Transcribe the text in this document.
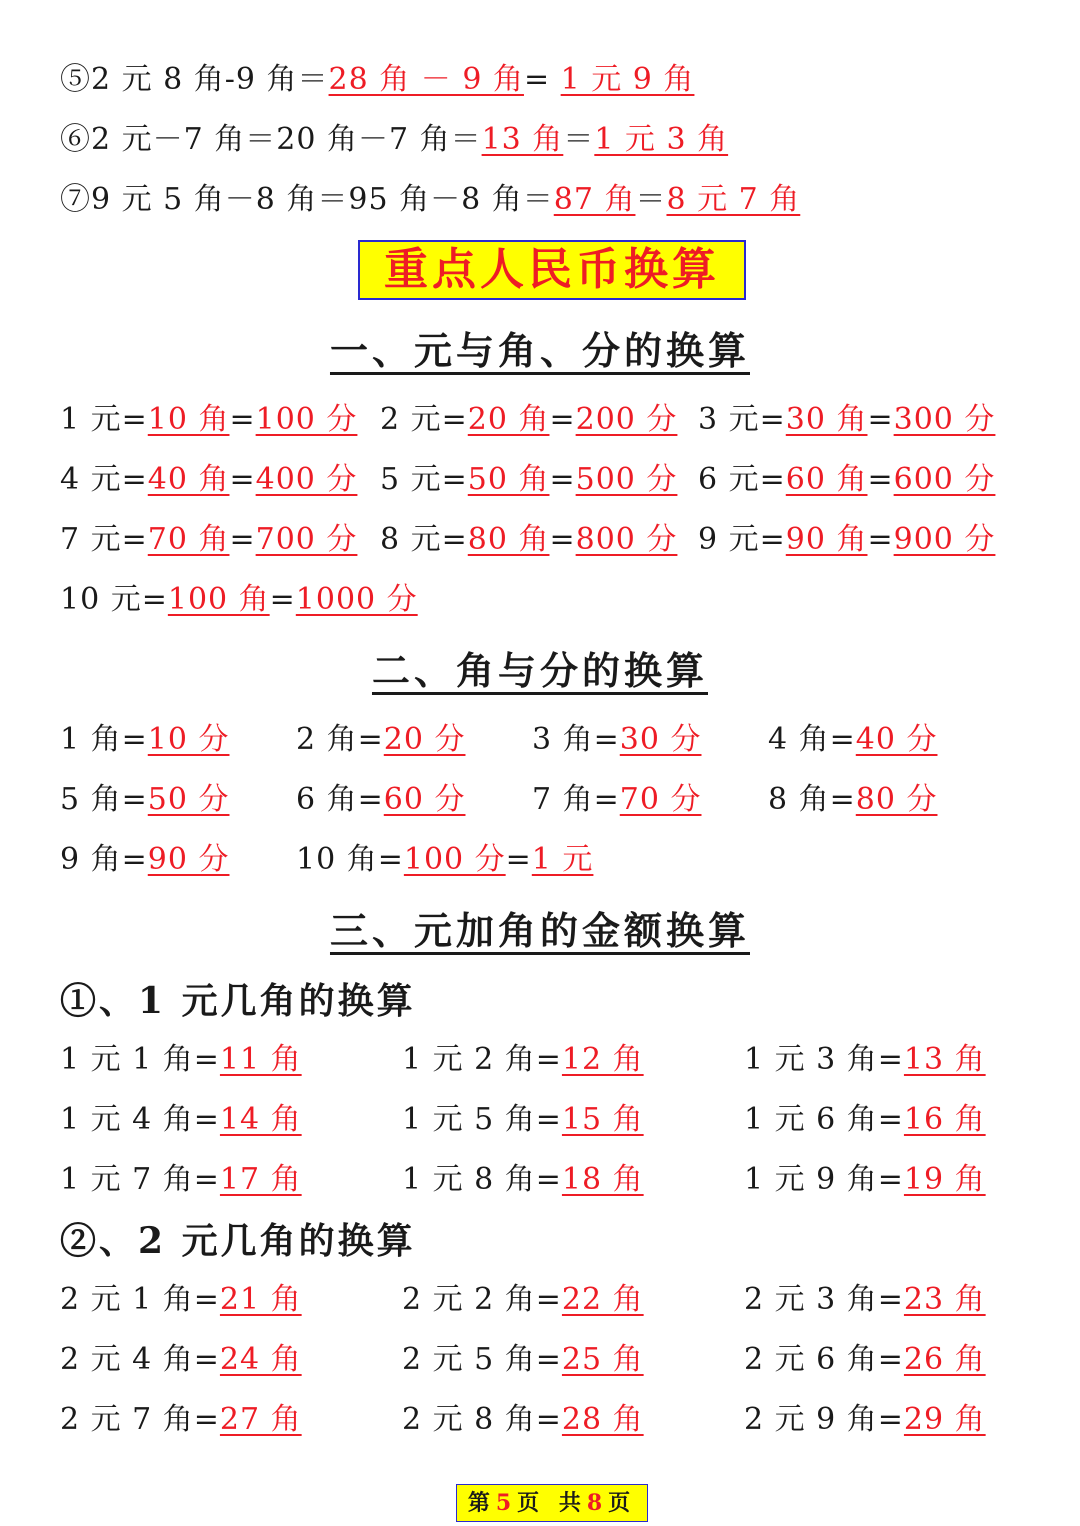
⑤2 元 8 角-9 角＝28 角 － 9 角= 1 元 9 角
⑥2 元－7 角＝20 角－7 角＝13 角＝1 元 3 角
⑦9 元 5 角－8 角＝95 角－8 角＝87 角＝8 元 7 角
重点人民币换算
一、元与角、分的换算
1 元=10 角=100 分 2 元=20 角=200 分 3 元=30 角=300 分
4 元=40 角=400 分 5 元=50 角=500 分 6 元=60 角=600 分
7 元=70 角=700 分 8 元=80 角=800 分 9 元=90 角=900 分
10 元=100 角=1000 分
二、角与分的换算
1 角=10 分 2 角=20 分 3 角=30 分 4 角=40 分
5 角=50 分 6 角=60 分 7 角=70 分 8 角=80 分
9 角=90 分 10 角=100 分=1 元
三、元加角的金额换算
①、1 元几角的换算
1 元 1 角=11 角	1 元 2 角=12 角	1 元 3 角=13 角
1 元 4 角=14 角	1 元 5 角=15 角	1 元 6 角=16 角
1 元 7 角=17 角	1 元 8 角=18 角	1 元 9 角=19 角
②、2 元几角的换算
2 元 1 角=21 角	2 元 2 角=22 角	2 元 3 角=23 角
2 元 4 角=24 角	2 元 5 角=25 角	2 元 6 角=26 角
2 元 7 角=27 角	2 元 8 角=28 角	2 元 9 角=29 角
第5页 共8页
